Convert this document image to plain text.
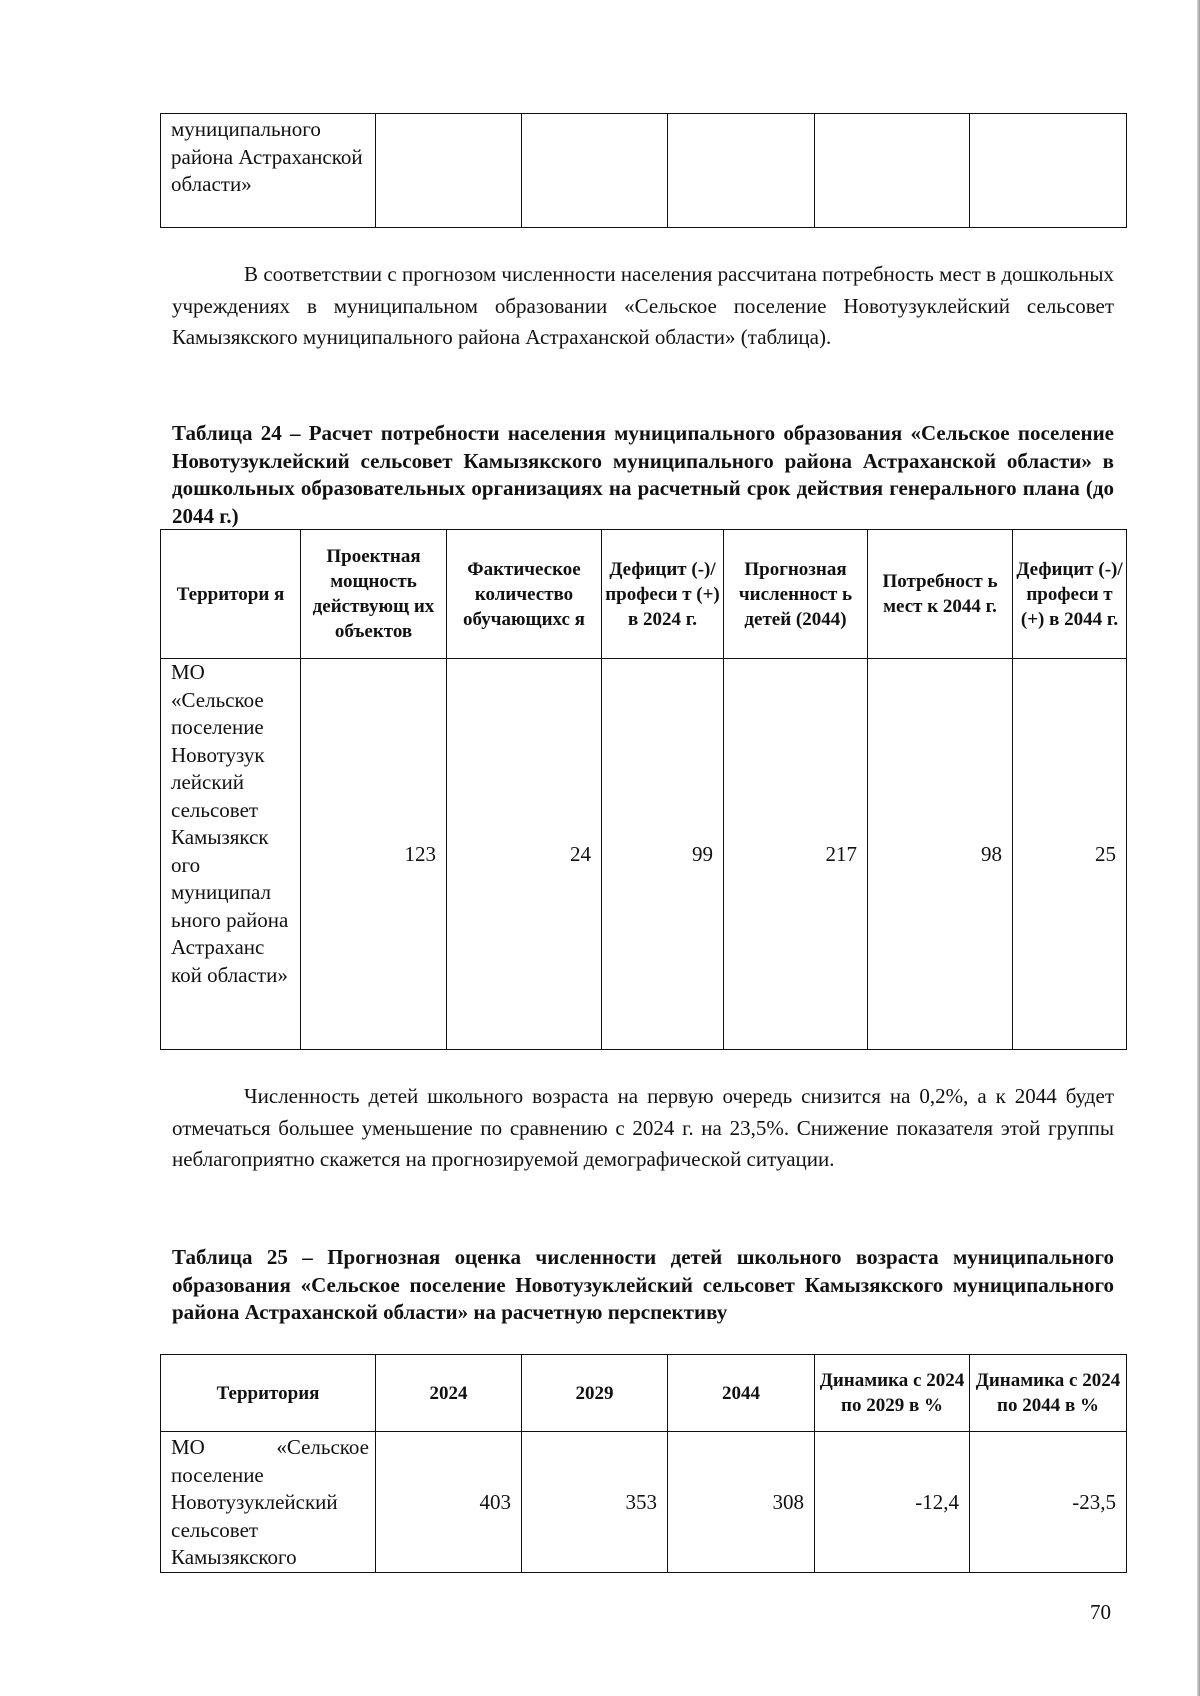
муниципального района Астраханской области»					

В соответствии с прогнозом численности населения рассчитана потребность мест в дошкольных учреждениях в муниципальном образовании «Сельское поселение Новотузуклейский сельсовет Камызякского муниципального района Астраханской области» (таблица).

Таблица 24 – Расчет потребности населения муниципального образования «Сельское поселение Новотузуклейский сельсовет Камызякского муниципального района Астраханской области» в дошкольных образовательных организациях на расчетный срок действия генерального плана (до 2044 г.)

Территори я	Проектная мощность действующ их объектов	Фактическое количество обучающихс я	Дефицит (-)/ професи т (+) в 2024 г.	Прогнозная численност ь детей (2044)	Потребност ь мест к 2044 г.	Дефицит (-)/ професи т (+) в 2044 г.
МО «Сельское поселение Новотузук лейский сельсовет Камызякск ого муниципал ьного района Астраханс кой области»	123	24	99	217	98	25

Численность детей школьного возраста на первую очередь снизится на 0,2%, а к 2044 будет отмечаться большее уменьшение по сравнению с 2024 г. на 23,5%. Снижение показателя этой группы неблагоприятно скажется на прогнозируемой демографической ситуации.

Таблица 25 – Прогнозная оценка численности детей школьного возраста муниципального образования «Сельское поселение Новотузуклейский сельсовет Камызякского муниципального района Астраханской области» на расчетную перспективу

Территория	2024	2029	2044	Динамика с 2024 по 2029 в %	Динамика с 2024 по 2044 в %
МО «Сельское поселение Новотузуклейский сельсовет Камызякского	403	353	308	-12,4	-23,5
70
